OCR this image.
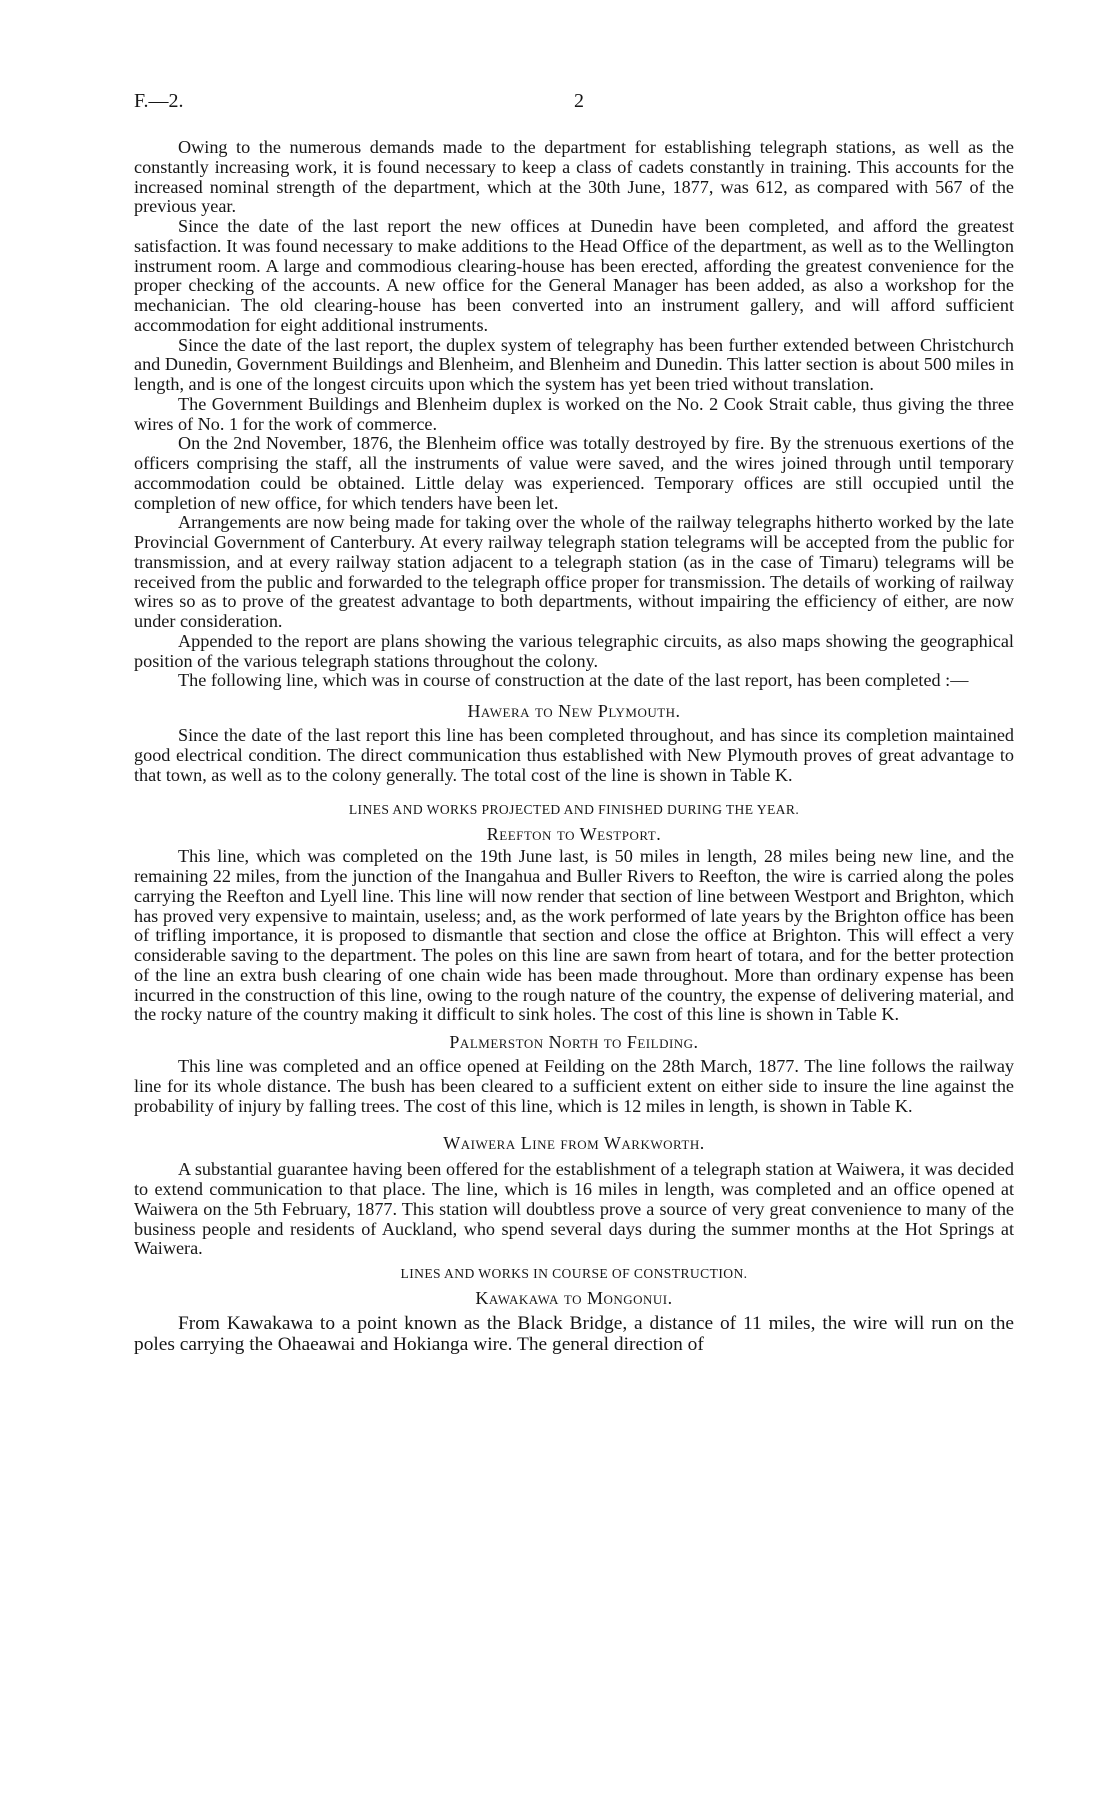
F.—2.	2

Owing to the numerous demands made to the department for establishing telegraph stations, as well as the constantly increasing work, it is found necessary to keep a class of cadets constantly in training. This accounts for the increased nominal strength of the department, which at the 30th June, 1877, was 612, as compared with 567 of the previous year.

Since the date of the last report the new offices at Dunedin have been completed, and afford the greatest satisfaction. It was found necessary to make additions to the Head Office of the department, as well as to the Wellington instrument room. A large and commodious clearing-house has been erected, affording the greatest convenience for the proper checking of the accounts. A new office for the General Manager has been added, as also a workshop for the mechanician. The old clearing-house has been converted into an instrument gallery, and will afford sufficient accommodation for eight additional instruments.

Since the date of the last report, the duplex system of telegraphy has been further extended between Christchurch and Dunedin, Government Buildings and Blenheim, and Blenheim and Dunedin. This latter section is about 500 miles in length, and is one of the longest circuits upon which the system has yet been tried without translation.

The Government Buildings and Blenheim duplex is worked on the No. 2 Cook Strait cable, thus giving the three wires of No. 1 for the work of commerce.

On the 2nd November, 1876, the Blenheim office was totally destroyed by fire. By the strenuous exertions of the officers comprising the staff, all the instruments of value were saved, and the wires joined through until temporary accommodation could be obtained. Little delay was experienced. Temporary offices are still occupied until the completion of new office, for which tenders have been let.

Arrangements are now being made for taking over the whole of the railway telegraphs hitherto worked by the late Provincial Government of Canterbury. At every railway telegraph station telegrams will be accepted from the public for transmission, and at every railway station adjacent to a telegraph station (as in the case of Timaru) telegrams will be received from the public and forwarded to the telegraph office proper for transmission. The details of working of railway wires so as to prove of the greatest advantage to both departments, without impairing the efficiency of either, are now under consideration.

Appended to the report are plans showing the various telegraphic circuits, as also maps showing the geographical position of the various telegraph stations throughout the colony.

The following line, which was in course of construction at the date of the last report, has been completed :—

Hawera to New Plymouth.

Since the date of the last report this line has been completed throughout, and has since its completion maintained good electrical condition. The direct communication thus established with New Plymouth proves of great advantage to that town, as well as to the colony generally. The total cost of the line is shown in Table K.

LINES AND WORKS PROJECTED AND FINISHED DURING THE YEAR.
Reefton to Westport.

This line, which was completed on the 19th June last, is 50 miles in length, 28 miles being new line, and the remaining 22 miles, from the junction of the Inangahua and Buller Rivers to Reefton, the wire is carried along the poles carrying the Reefton and Lyell line. This line will now render that section of line between Westport and Brighton, which has proved very expensive to maintain, useless; and, as the work performed of late years by the Brighton office has been of trifling importance, it is proposed to dismantle that section and close the office at Brighton. This will effect a very considerable saving to the department. The poles on this line are sawn from heart of totara, and for the better protection of the line an extra bush clearing of one chain wide has been made throughout. More than ordinary expense has been incurred in the construction of this line, owing to the rough nature of the country, the expense of delivering material, and the rocky nature of the country making it difficult to sink holes. The cost of this line is shown in Table K.

Palmerston North to Feilding.

This line was completed and an office opened at Feilding on the 28th March, 1877. The line follows the railway line for its whole distance. The bush has been cleared to a sufficient extent on either side to insure the line against the probability of injury by falling trees. The cost of this line, which is 12 miles in length, is shown in Table K.

Waiwera Line from Warkworth.

A substantial guarantee having been offered for the establishment of a telegraph station at Waiwera, it was decided to extend communication to that place. The line, which is 16 miles in length, was completed and an office opened at Waiwera on the 5th February, 1877. This station will doubtless prove a source of very great convenience to many of the business people and residents of Auckland, who spend several days during the summer months at the Hot Springs at Waiwera.

LINES AND WORKS IN COURSE OF CONSTRUCTION.
Kawakawa to Mongonui.

From Kawakawa to a point known as the Black Bridge, a distance of 11 miles, the wire will run on the poles carrying the Ohaeawai and Hokianga wire. The general direction of
